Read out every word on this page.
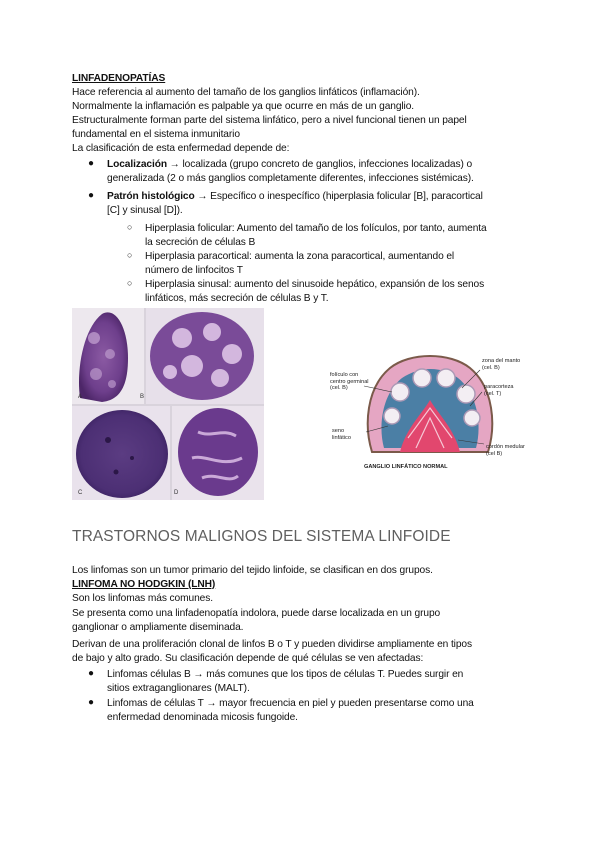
LINFADENOPATÍAS
Hace referencia al aumento del tamaño de los ganglios linfáticos (inflamación).
Normalmente la inflamación es palpable ya que ocurre en más de un ganglio.
Estructuralmente forman parte del sistema linfático, pero a nivel funcional tienen un papel
fundamental en el sistema inmunitario
La clasificación de esta enfermedad depende de:
● Localización → localizada (grupo concreto de ganglios, infecciones localizadas) o
generalizada (2 o más ganglios completamente diferentes, infecciones sistémicas).
● Patrón histológico → Específico o inespecífico (hiperplasia folicular [B], paracortical
[C] y sinusal [D]).
○ Hiperplasia folicular: Aumento del tamaño de los folículos, por tanto, aumenta
la secreción de células B
○ Hiperplasia paracortical: aumenta la zona paracortical, aumentando el
número de linfocitos T
○ Hiperplasia sinusal: aumento del sinusoide hepático, expansión de los senos
linfáticos, más secreción de células B y T.
A	B
C	D
folículo con
centro germinal
(cel. B)
zona del manto
(cel. B)
paracorteza
(cel. T)
seno
linfático
cordón medular
(cel B)
GANGLIO LINFÁTICO NORMAL
TRASTORNOS MALIGNOS DEL SISTEMA LINFOIDE
Los linfomas son un tumor primario del tejido linfoide, se clasifican en dos grupos.
LINFOMA NO HODGKIN (LNH)
Son los linfomas más comunes.
Se presenta como una linfadenopatía indolora, puede darse localizada en un grupo
ganglionar o ampliamente diseminada.
Derivan de una proliferación clonal de linfos B o T y pueden dividirse ampliamente en tipos
de bajo y alto grado. Su clasificación depende de qué células se ven afectadas:
● Linfomas células B → más comunes que los tipos de células T. Puedes surgir en
sitios extraganglionares (MALT).
● Linfomas de células T → mayor frecuencia en piel y pueden presentarse como una
enfermedad denominada micosis fungoide.
